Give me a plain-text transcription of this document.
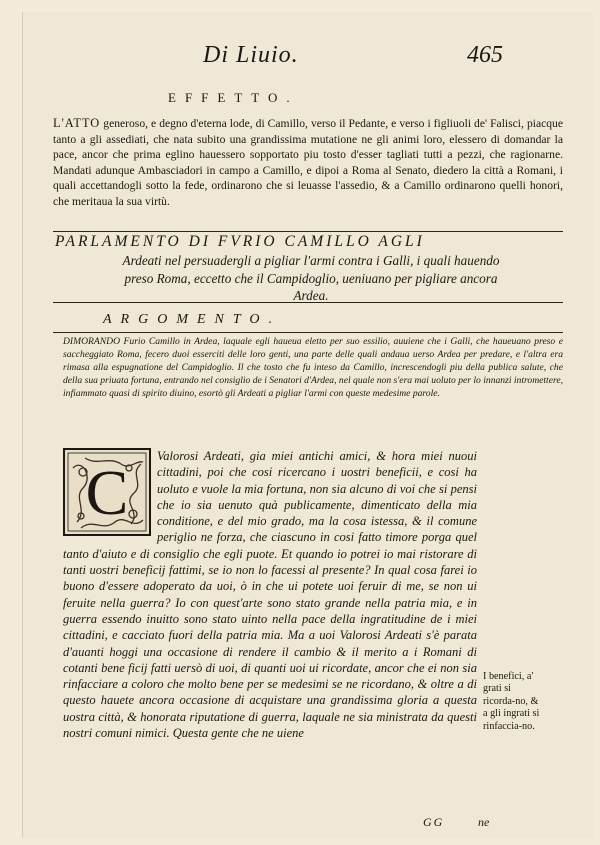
Di Liuio.	465
EFFETTO.

L'ATTO generoso, e degno d'eterna lode, di Camillo, verso il Pedante, e verso i figliuoli de' Falisci, piacque tanto a gli assediati, che nata subito una grandissima mutatione ne gli animi loro, elessero di domandar la pace, ancor che prima eglino hauessero sopportato piu tosto d'esser tagliati tutti a pezzi, che ragionarne. Mandati adunque Ambasciadori in campo a Camillo, e dipoi a Roma al Senato, diedero la città a Romani, i quali accettandogli sotto la fede, ordinarono che si leuasse l'assedio, & a Camillo ordinarono quelli honori, che meritaua la sua virtù.

PARLAMENTO DI FVRIO CAMILLO AGLI

Ardeati nel persuadergli a pigliar l'armi contra i Galli, i quali hauendo preso Roma, eccetto che il Campidoglio, ueniuano per pigliare ancora Ardea.

ARGOMENTO.

DIMORANDO Furio Camillo in Ardea, laquale egli haueua eletto per suo essilio, auuiene che i Galli, che haueuano preso e saccheggiato Roma, fecero duoi esserciti delle loro genti, una parte delle quali andaua uerso Ardea per predare, e l'altra era rimasa alla espugnatione del Campidoglio. Il che tosto che fu inteso da Camillo, increscendogli piu della publica salute, che della sua priuata fortuna, entrando nel consiglio de i Senatori d'Ardea, nel quale non s'era mai uoluto per lo innanzi intromettere, infiammato quasi di spirito diuino, esortò gli Ardeati a pigliar l'armi con queste medesime parole.

C

Valorosi Ardeati, gia miei antichi amici, & hora miei nuoui cittadini, poi che cosi ricercano i uostri beneficii, e cosi ha uoluto e vuole la mia fortuna, non sia alcuno di voi che si pensi che io sia uenuto quà publicamente, dimenticato della mia conditione, e del mio grado, ma la cosa istessa, & il comune periglio ne forza, che ciascuno in cosi fatto timore porga quel tanto d'aiuto e di consiglio che egli puote. Et quando io potrei io mai ristorare di tanti uostri beneficij fattimi, se io non lo facessi al presente? In qual cosa farei io buono d'essere adoperato da uoi, ò in che ui potete uoi feruir di me, se non ui feruite nella guerra? Io con quest'arte sono stato grande nella patria mia, e in guerra essendo inuitto sono stato uinto nella pace della ingratitudine de i miei cittadini, e cacciato fuori della patria mia. Ma a uoi Valorosi Ardeati s'è parata d'auanti hoggi una occasione di rendere il cambio & il merito a i Romani di cotanti bene ficij fatti uersò di uoi, di quanti uoi ui ricordate, ancor che ei non sia rinfacciare a coloro che molto bene per se medesimi se ne ricordano, & oltre a di questo hauete ancora occasione di acquistare una grandissima gloria a questa uostra città, & honorata riputatione di guerra, laquale ne sia ministrata da questi nostri comuni nimici. Questa gente che ne uiene

I benefici, a' grati si ricorda-no, & a gli ingrati si rinfaccia-no.

GG	ne
